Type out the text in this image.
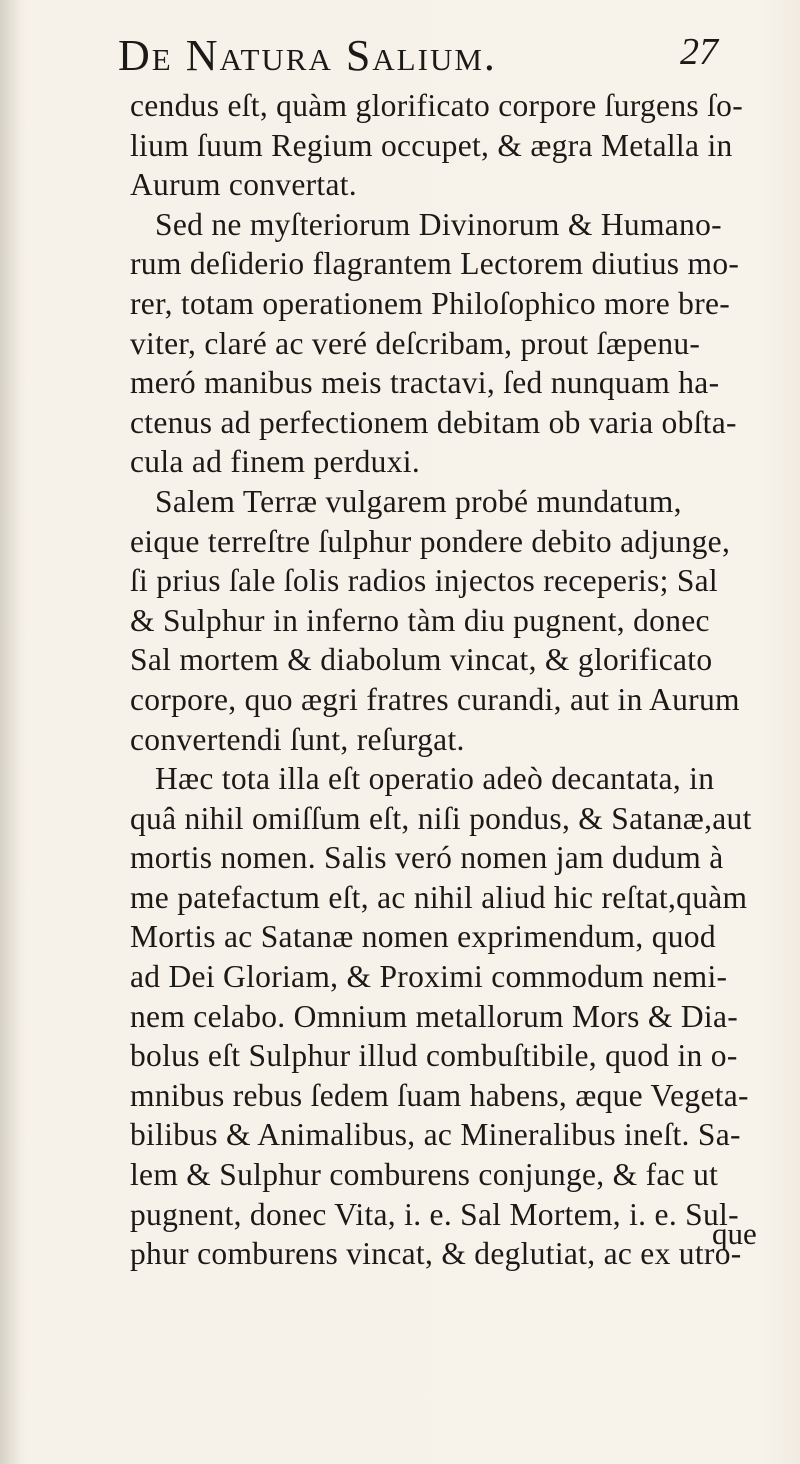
De Natura Salium.	27
cendus eſt, quàm glorificato corpore ſurgens ſo-
lium ſuum Regium occupet, & ægra Metalla in
Aurum convertat.
Sed ne myſteriorum Divinorum & Humano-
rum deſiderio flagrantem Lectorem diutius mo-
rer, totam operationem Philoſophico more bre-
viter, claré ac veré deſcribam, prout ſæpenu-
meró manibus meis tractavi, ſed nunquam ha-
ctenus ad perfectionem debitam ob varia obſta-
cula ad finem perduxi.
Salem Terræ vulgarem probé mundatum,
eique terreſtre ſulphur pondere debito adjunge,
ſi prius ſale ſolis radios injectos receperis; Sal
& Sulphur in inferno tàm diu pugnent, donec
Sal mortem & diabolum vincat, & glorificato
corpore, quo ægri fratres curandi, aut in Aurum
convertendi ſunt, reſurgat.
Hæc tota illa eſt operatio adeò decantata, in
quâ nihil omiſſum eſt, niſi pondus, & Satanæ,aut
mortis nomen. Salis veró nomen jam dudum à
me patefactum eſt, ac nihil aliud hic reſtat,quàm
Mortis ac Satanæ nomen exprimendum, quod
ad Dei Gloriam, & Proximi commodum nemi-
nem celabo. Omnium metallorum Mors & Dia-
bolus eſt Sulphur illud combuſtibile, quod in o-
mnibus rebus ſedem ſuam habens, æque Vegeta-
bilibus & Animalibus, ac Mineralibus ineſt. Sa-
lem & Sulphur comburens conjunge, & fac ut
pugnent, donec Vita, i. e. Sal Mortem, i. e. Sul-
phur comburens vincat, & deglutiat, ac ex utro-
que
